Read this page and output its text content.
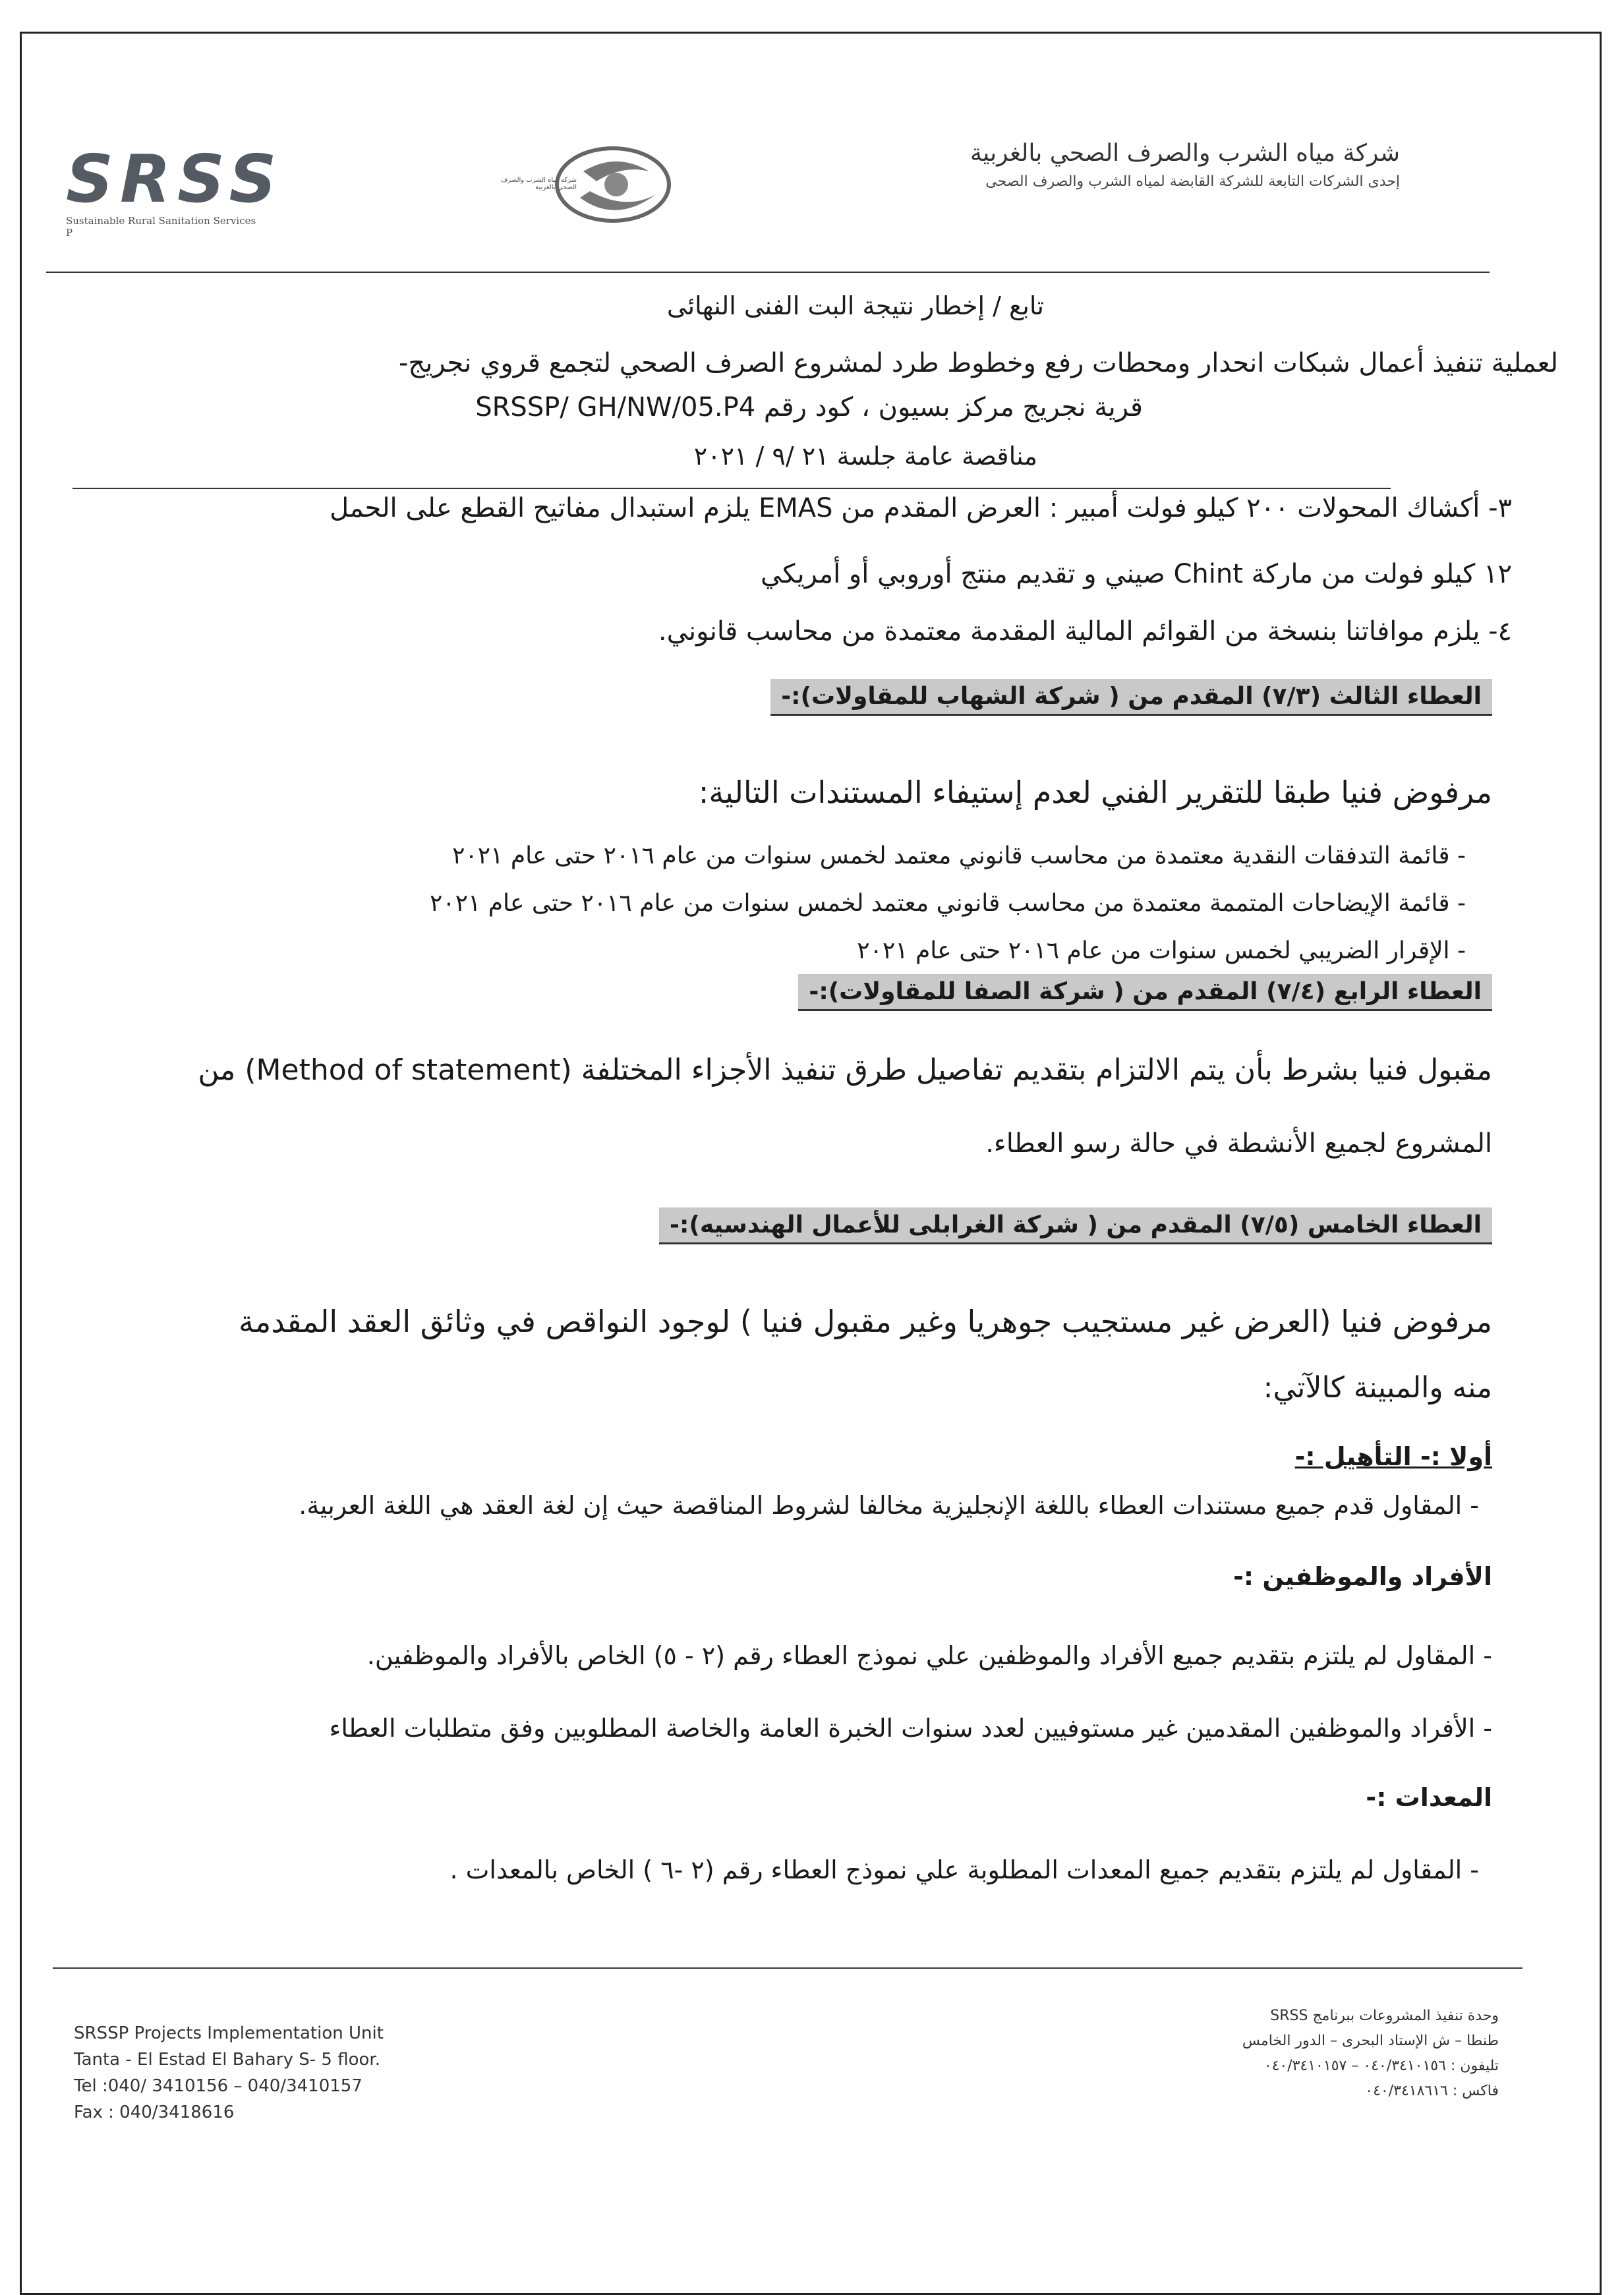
SRSS
Sustainable Rural Sanitation Services P
شركة مياه الشرب والصرف الصحي بالغربية
شركة مياه الشرب والصرف الصحي بالغربية
إحدى الشركات التابعة للشركة القابضة لمياه الشرب والصرف الصحى
تابع / إخطار نتيجة البت الفنى النهائى
لعملية تنفيذ أعمال شبكات انحدار ومحطات رفع وخطوط طرد لمشروع الصرف الصحي لتجمع قروي نجريج-
قرية نجريج مركز بسيون ، كود رقم SRSSP/ GH/NW/05.P4
مناقصة عامة جلسة ٢١ /٩ / ٢٠٢١
٣- أكشاك المحولات ٢٠٠ كيلو فولت أمبير : العرض المقدم من EMAS يلزم استبدال مفاتيح القطع على الحمل
١٢ كيلو فولت من ماركة Chint صيني و تقديم منتج أوروبي أو أمريكي
٤- يلزم موافاتنا بنسخة من القوائم المالية المقدمة معتمدة من محاسب قانوني.
العطاء الثالث (٧/٣) المقدم من ( شركة الشهاب للمقاولات):-
مرفوض فنيا طبقا للتقرير الفني لعدم إستيفاء المستندات التالية:
- قائمة التدفقات النقدية معتمدة من محاسب قانوني معتمد لخمس سنوات من عام ٢٠١٦ حتى عام ٢٠٢١
- قائمة الإيضاحات المتممة معتمدة من محاسب قانوني معتمد لخمس سنوات من عام ٢٠١٦ حتى عام ٢٠٢١
- الإقرار الضريبي لخمس سنوات من عام ٢٠١٦ حتى عام ٢٠٢١
العطاء الرابع (٧/٤) المقدم من ( شركة الصفا للمقاولات):-
مقبول فنيا بشرط بأن يتم الالتزام بتقديم تفاصيل طرق تنفيذ الأجزاء المختلفة (Method of statement) من
المشروع لجميع الأنشطة في حالة رسو العطاء.
العطاء الخامس (٧/٥) المقدم من ( شركة الغرابلى للأعمال الهندسيه):-
مرفوض فنيا (العرض غير مستجيب جوهريا وغير مقبول فنيا ) لوجود النواقص في وثائق العقد المقدمة
منه والمبينة كالآتي:
أولا :- التأهيل :-
- المقاول قدم جميع مستندات العطاء باللغة الإنجليزية مخالفا لشروط المناقصة حيث إن لغة العقد هي اللغة العربية.
الأفراد والموظفين :-
- المقاول لم يلتزم بتقديم جميع الأفراد والموظفين علي نموذج العطاء رقم (٢ - ٥) الخاص بالأفراد والموظفين.
- الأفراد والموظفين المقدمين غير مستوفيين لعدد سنوات الخبرة العامة والخاصة المطلوبين وفق متطلبات العطاء
المعدات :-
- المقاول لم يلتزم بتقديم جميع المعدات المطلوبة علي نموذج العطاء رقم (٢ -٦ ) الخاص بالمعدات .
SRSSP Projects Implementation Unit
Tanta - El Estad El Bahary S- 5 floor.
Tel :040/ 3410156 – 040/3410157
Fax : 040/3418616
وحدة تنفيذ المشروعات ببرنامج SRSS
طنطا – ش الإستاد البحرى – الدور الخامس
تليفون : ٠٤٠/٣٤١٠١٥٦ – ٠٤٠/٣٤١٠١٥٧
فاكس : ٠٤٠/٣٤١٨٦١٦
